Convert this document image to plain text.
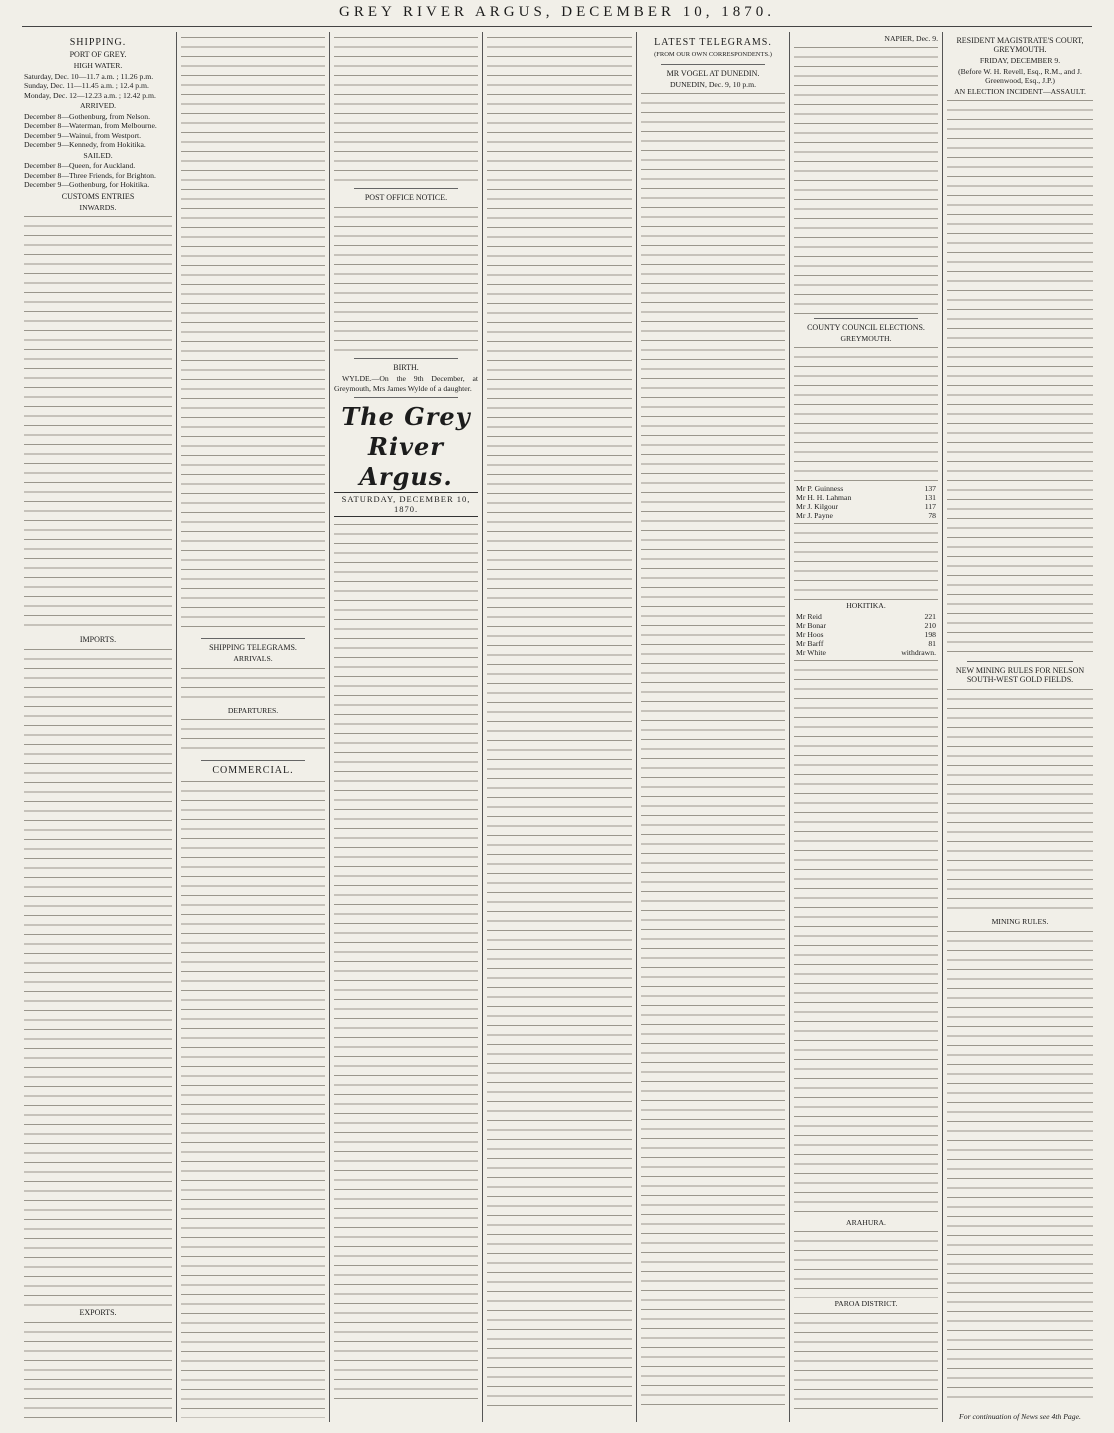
GREY RIVER ARGUS, DECEMBER 10, 1870.
SHIPPING.
PORT OF GREY.
HIGH WATER.
Saturday, Dec. 10—11.7 a.m. ; 11.26 p.m.
Sunday, Dec. 11—11.45 a.m. ; 12.4 p.m.
Monday, Dec. 12—12.23 a.m. ; 12.42 p.m.
ARRIVED.
December 8—Gothenburg, from Nelson.
December 8—Waterman, from Melbourne.
December 9—Wainui, from Westport.
December 9—Kennedy, from Hokitika.
SAILED.
December 8—Queen, for Auckland.
December 8—Three Friends, for Brighton.
December 9—Gothenburg, for Hokitika.
CUSTOMS ENTRIES
INWARDS.
IMPORTS.
EXPORTS.
SHIPPING TELEGRAMS.
ARRIVALS.
DEPARTURES.
COMMERCIAL.
POST OFFICE NOTICE.
BIRTH.

WYLDE.—On the 9th December, at Greymouth, Mrs James Wylde of a daughter.

The Grey River Argus.
SATURDAY, DECEMBER 10, 1870.
LATEST TELEGRAMS.
(FROM OUR OWN CORRESPONDENTS.)
MR VOGEL AT DUNEDIN.
DUNEDIN, Dec. 9, 10 p.m.
NAPIER, Dec. 9.
COUNTY COUNCIL ELECTIONS.
GREYMOUTH.
Mr P. Guinness	137
Mr H. H. Lahman	131
Mr J. Kilgour	117
Mr J. Payne	78
HOKITIKA.
Mr Reid	221
Mr Bonar	210
Mr Hoos	198
Mr Barff	81
Mr White	withdrawn.
ARAHURA.
PAROA DISTRICT.
RESIDENT MAGISTRATE'S COURT, GREYMOUTH.
FRIDAY, DECEMBER 9.
(Before W. H. Revell, Esq., R.M., and J. Greenwood, Esq., J.P.)
AN ELECTION INCIDENT—ASSAULT.
NEW MINING RULES FOR NELSON SOUTH-WEST GOLD FIELDS.
MINING RULES.
For continuation of News see 4th Page.
